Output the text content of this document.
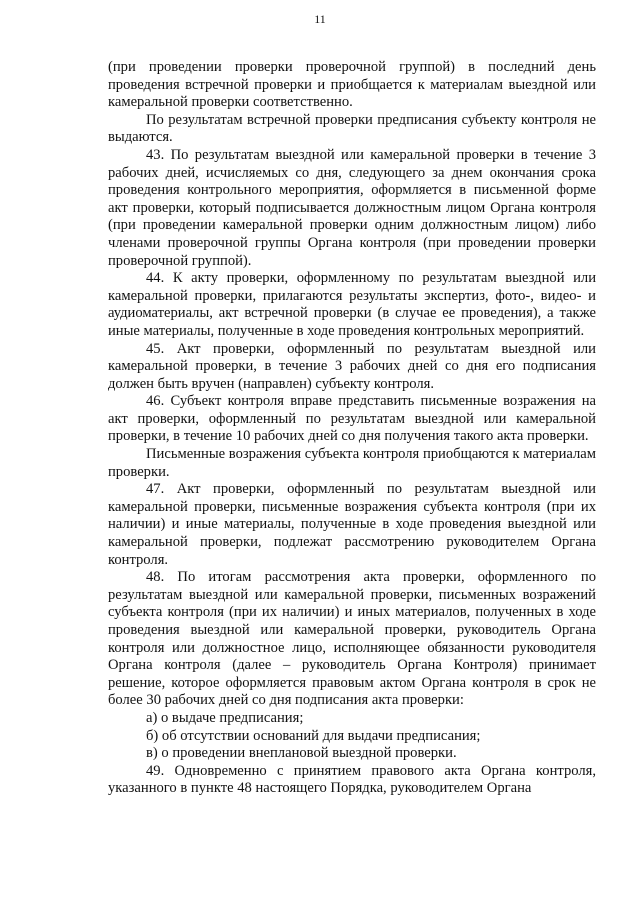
11

(при проведении проверки проверочной группой) в последний день проведения встречной проверки и приобщается к материалам выездной или камеральной проверки соответственно.

По результатам встречной проверки предписания субъекту контроля не выдаются.

43. По результатам выездной или камеральной проверки в течение 3 рабочих дней, исчисляемых со дня, следующего за днем окончания срока проведения контрольного мероприятия, оформляется в письменной форме акт проверки, который подписывается должностным лицом Органа контроля (при проведении камеральной проверки одним должностным лицом) либо членами проверочной группы Органа контроля (при проведении проверки проверочной группой).

44. К акту проверки, оформленному по результатам выездной или камеральной проверки, прилагаются результаты экспертиз, фото-, видео- и аудиоматериалы, акт встречной проверки (в случае ее проведения), а также иные материалы, полученные в ходе проведения контрольных мероприятий.

45. Акт проверки, оформленный по результатам выездной или камеральной проверки, в течение 3 рабочих дней со дня его подписания должен быть вручен (направлен) субъекту контроля.

46. Субъект контроля вправе представить письменные возражения на акт проверки, оформленный по результатам выездной или камеральной проверки, в течение 10 рабочих дней со дня получения такого акта проверки.

Письменные возражения субъекта контроля приобщаются к материалам проверки.

47. Акт проверки, оформленный по результатам выездной или камеральной проверки, письменные возражения субъекта контроля (при их наличии) и иные материалы, полученные в ходе проведения выездной или камеральной проверки, подлежат рассмотрению руководителем Органа контроля.

48. По итогам рассмотрения акта проверки, оформленного по результатам выездной или камеральной проверки, письменных возражений субъекта контроля (при их наличии) и иных материалов, полученных в ходе проведения выездной или камеральной проверки, руководитель Органа контроля или должностное лицо, исполняющее обязанности руководителя Органа контроля (далее – руководитель Органа Контроля) принимает решение, которое оформляется правовым актом Органа контроля в срок не более 30 рабочих дней со дня подписания акта проверки:

а) о выдаче предписания;

б) об отсутствии оснований для выдачи предписания;

в) о проведении внеплановой выездной проверки.

49. Одновременно с принятием правового акта Органа контроля, указанного в пункте 48 настоящего Порядка, руководителем Органа
